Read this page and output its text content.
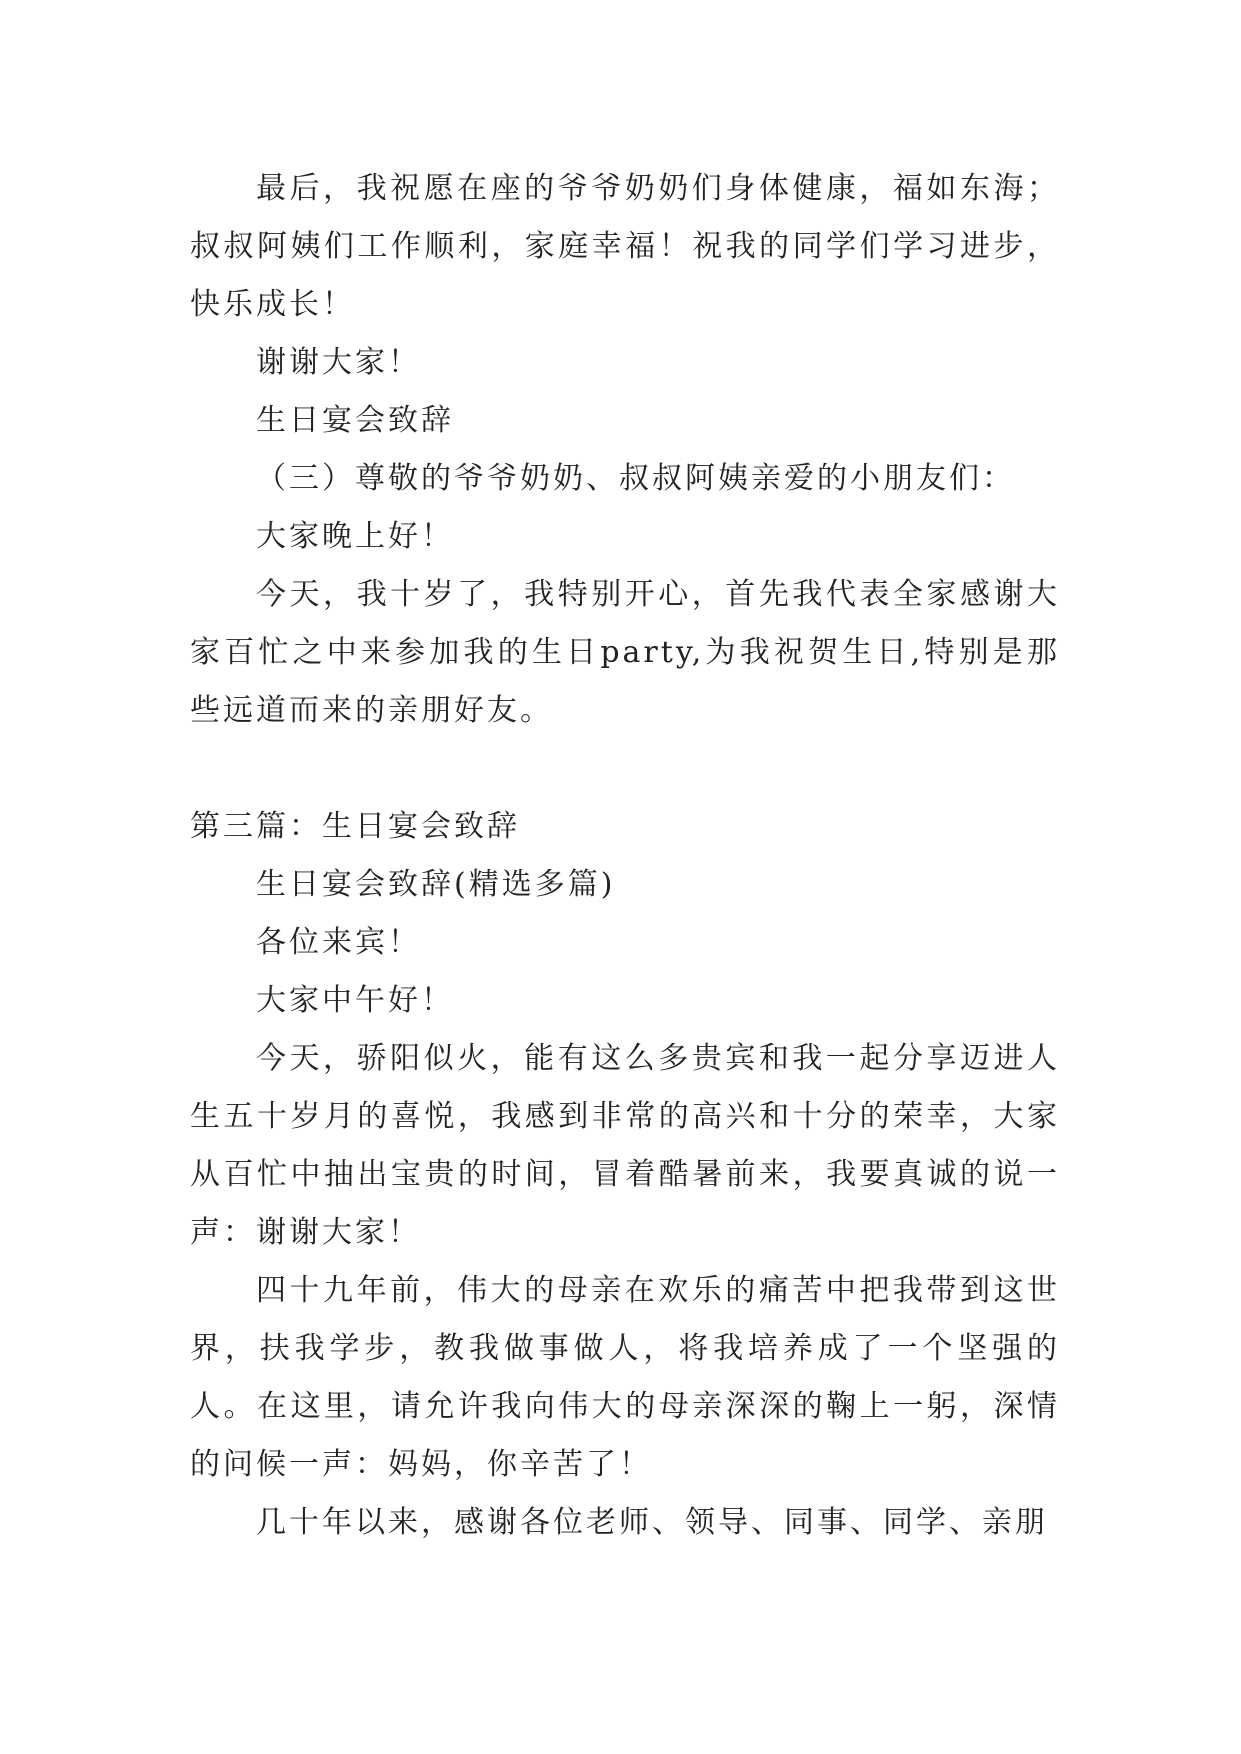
最后，我祝愿在座的爷爷奶奶们身体健康，福如东海；叔叔阿姨们工作顺利，家庭幸福！祝我的同学们学习进步，快乐成长！

谢谢大家！

生日宴会致辞

（三）尊敬的爷爷奶奶、叔叔阿姨亲爱的小朋友们：

大家晚上好！

今天，我十岁了，我特别开心，首先我代表全家感谢大家百忙之中来参加我的生日party,为我祝贺生日,特别是那些远道而来的亲朋好友。

第三篇：生日宴会致辞

生日宴会致辞(精选多篇)

各位来宾！

大家中午好！

今天，骄阳似火，能有这么多贵宾和我一起分享迈进人生五十岁月的喜悦，我感到非常的高兴和十分的荣幸，大家从百忙中抽出宝贵的时间，冒着酷暑前来，我要真诚的说一声：谢谢大家！

四十九年前，伟大的母亲在欢乐的痛苦中把我带到这世界，扶我学步，教我做事做人，将我培养成了一个坚强的人。在这里，请允许我向伟大的母亲深深的鞠上一躬，深情的问候一声：妈妈，你辛苦了！

几十年以来，感谢各位老师、领导、同事、同学、亲朋
